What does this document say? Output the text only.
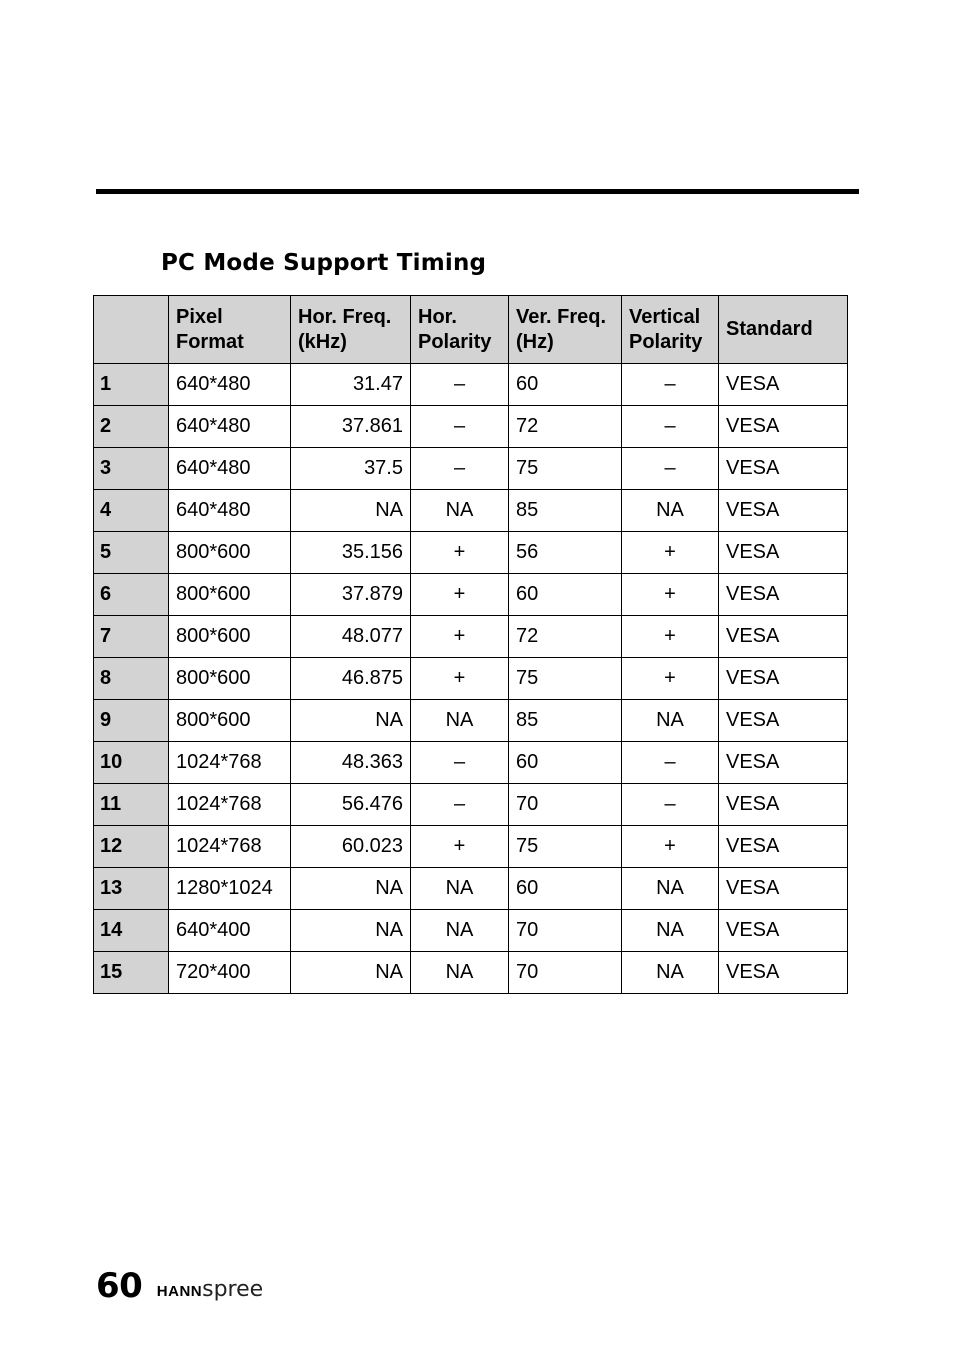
PC Mode Support Timing
	Pixel Format	Hor. Freq. (kHz)	Hor. Polarity	Ver. Freq. (Hz)	Vertical Polarity	Standard
1	640*480	31.47	–	60	–	VESA
2	640*480	37.861	–	72	–	VESA
3	640*480	37.5	–	75	–	VESA
4	640*480	NA	NA	85	NA	VESA
5	800*600	35.156	+	56	+	VESA
6	800*600	37.879	+	60	+	VESA
7	800*600	48.077	+	72	+	VESA
8	800*600	46.875	+	75	+	VESA
9	800*600	NA	NA	85	NA	VESA
10	1024*768	48.363	–	60	–	VESA
11	1024*768	56.476	–	70	–	VESA
12	1024*768	60.023	+	75	+	VESA
13	1280*1024	NA	NA	60	NA	VESA
14	640*400	NA	NA	70	NA	VESA
15	720*400	NA	NA	70	NA	VESA
60 HANNspree
